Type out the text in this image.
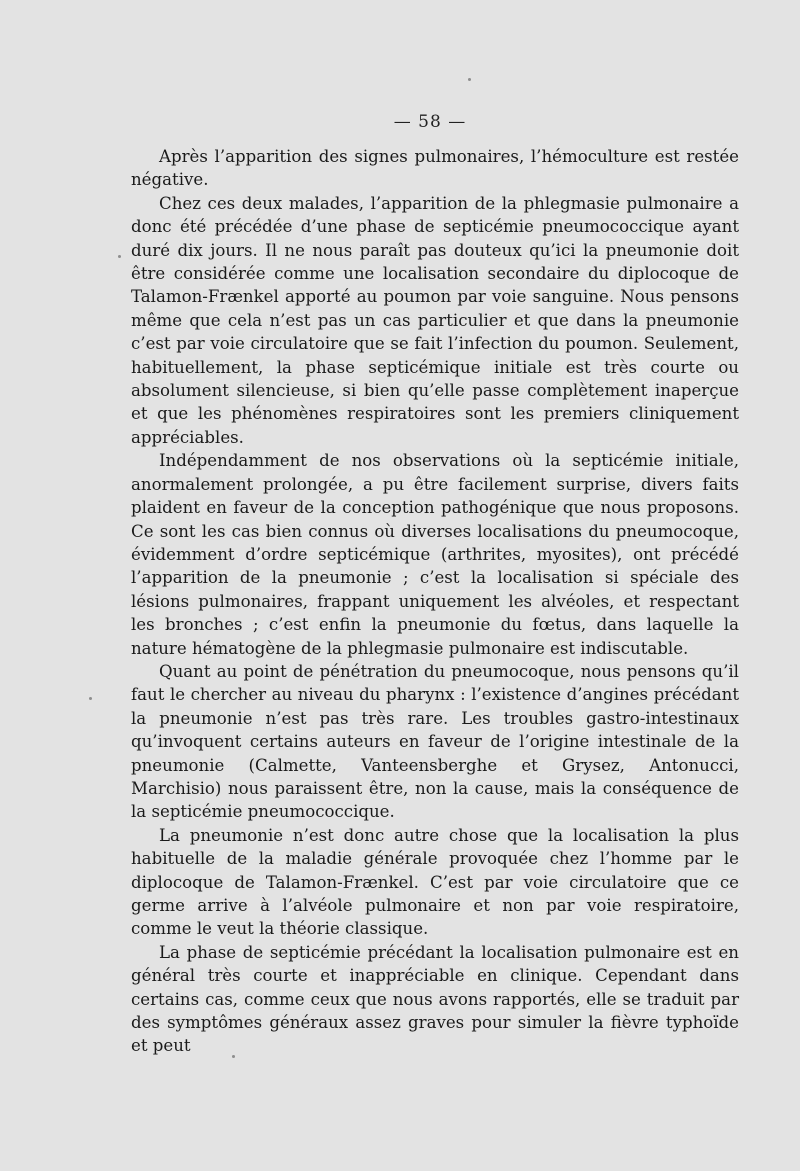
— 58 —

Après l’apparition des signes pulmonaires, l’hémoculture est restée négative.

Chez ces deux malades, l’apparition de la phlegmasie pulmonaire a donc été précédée d’une phase de septicémie pneumococcique ayant duré dix jours. Il ne nous paraît pas douteux qu’ici la pneumonie doit être considérée comme une localisation secondaire du diplocoque de Talamon-Frænkel apporté au poumon par voie sanguine. Nous pensons même que cela n’est pas un cas particulier et que dans la pneumonie c’est par voie circulatoire que se fait l’infection du poumon. Seulement, habituellement, la phase septicémique initiale est très courte ou absolument silencieuse, si bien qu’elle passe complètement inaperçue et que les phénomènes respiratoires sont les premiers cliniquement appréciables.

Indépendamment de nos observations où la septicémie initiale, anormalement prolongée, a pu être facilement surprise, divers faits plaident en faveur de la conception pathogénique que nous proposons. Ce sont les cas bien connus où diverses localisations du pneumocoque, évidemment d’ordre septicémique (arthrites, myosites), ont précédé l’apparition de la pneumonie ; c’est la localisation si spéciale des lésions pulmonaires, frappant uniquement les alvéoles, et respectant les bronches ; c’est enfin la pneumonie du fœtus, dans laquelle la nature hématogène de la phlegmasie pulmonaire est indiscutable.

Quant au point de pénétration du pneumocoque, nous pensons qu’il faut le chercher au niveau du pharynx : l’existence d’angines précédant la pneumonie n’est pas très rare. Les troubles gastro-intestinaux qu’invoquent certains auteurs en faveur de l’origine intestinale de la pneumonie (Calmette, Vanteensberghe et Grysez, Antonucci, Marchisio) nous paraissent être, non la cause, mais la conséquence de la septicémie pneumococcique.

La pneumonie n’est donc autre chose que la localisation la plus habituelle de la maladie générale provoquée chez l’homme par le diplocoque de Talamon-Frænkel. C’est par voie circulatoire que ce germe arrive à l’alvéole pulmonaire et non par voie respiratoire, comme le veut la théorie classique.

La phase de septicémie précédant la localisation pulmonaire est en général très courte et inappréciable en clinique. Cependant dans certains cas, comme ceux que nous avons rapportés, elle se traduit par des symptômes généraux assez graves pour simuler la fièvre typhoïde et peut
